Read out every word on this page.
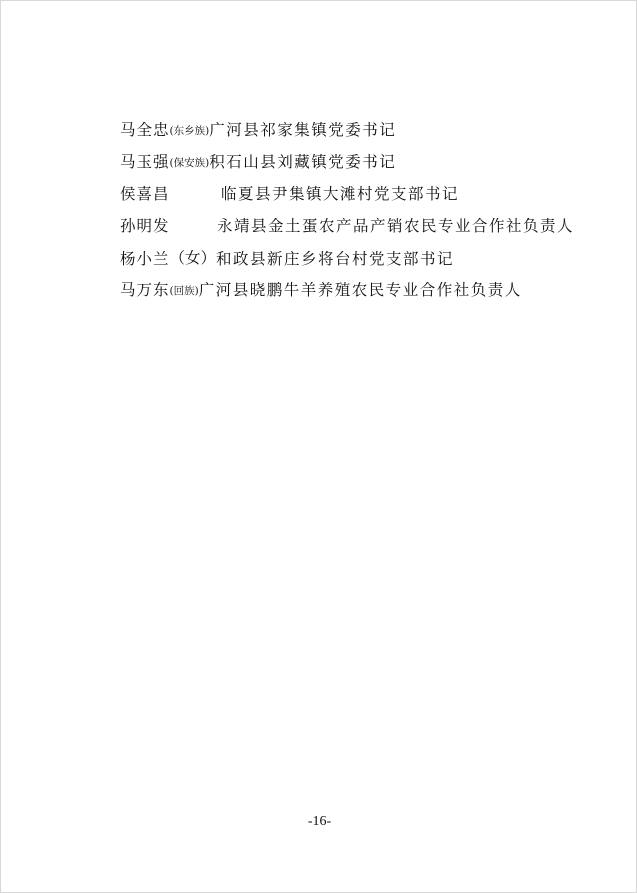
马全忠(东乡族)广河县祁家集镇党委书记
马玉强(保安族)积石山县刘藏镇党委书记
侯喜昌	临夏县尹集镇大滩村党支部书记
孙明发	永靖县金土蛋农产品产销农民专业合作社负责人
杨小兰（女）和政县新庄乡将台村党支部书记
马万东(回族)广河县晓鹏牛羊养殖农民专业合作社负责人
-16-
